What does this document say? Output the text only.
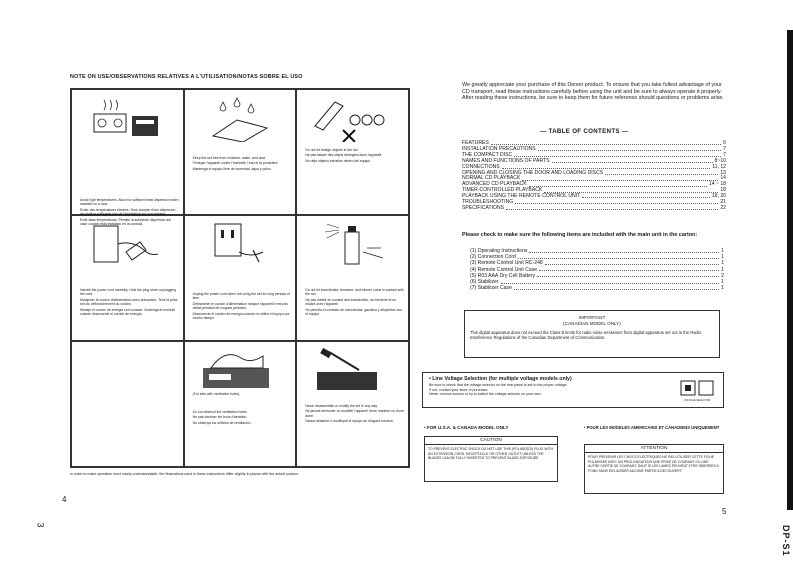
NOTE ON USE/OBSERVATIONS RELATIVES A L'UTILISATION/NOTAS SOBRE EL USO

Avoid high temperatures. Allow for sufficient heat dispersion when installed on a rack.

Eviter des températures élevées. Tenir compte d'une dispersion de chaleur suffisante lors de l'installation sur une étagère.

Evite altas temperaturas. Permite la suficiente dispersión del calor cuando está instalado en la consola.

Keep the set free from moisture, water, and dust.

Protéger l'appareil contre l'humidité, l'eau et la poussière.

Mantenga el equipo libre de humedad, agua y polvo.

Do not let foreign objects in the set.

Ne pas laisser des objets étrangers dans l'appareil.

No deje objetos extraños dentro del equipo.

Handle the power cord carefully. Hold the plug when unplugging the cord.

Manipuler le cordon d'alimentation avec précaution. Tenir la prise lors du débranchement du cordon.

Maneje el cordón de energía con cuidado. Sostenga el enchufe cuando desconecte el cordón de energía.

Unplug the power cord when not using the set for long periods of time.

Débrancher le cordon d'alimentation lorsque l'appareil n'est pas utilisé pendant de longues périodes.

Desconecte el cordón de energía cuando no utilice el equipo por mucho tiempo.

Do not let insecticides, benzene, and thinner come in contact with the set.

Ne pas mettre en contact des insecticides, du benzène et un diluant avec l'appareil.

No permita el contacto de insecticidas, gasolina y diluyentes con el equipo.

(For sets with ventilation holes)

Do not obstruct the ventilation holes.

Ne pas obstruer les trous d'aération.

No obstruya los orificios de ventilación.

Never disassemble or modify the set in any way.

Ne jamais démonter ou modifier l'appareil d'une manière ou d'une autre.

Nunca desarme o modifique el equipo de ninguna manera.

In order to make operation more easily understandable, the illustrations used in these instructions differ slightly in places with the actual product.
4
3
We greatly appreciate your purchase of this Denon product. To ensure that you take fullest advantage of your CD transport, read these instructions carefully before using the unit and be sure to always operate it properly. After reading these instructions, be sure to keep them for future reference should questions or problems arise.
— TABLE OF CONTENTS —
FEATURES	6
INSTALLATION PRECAUTIONS	7
THE COMPACT DISC	7
NAMES AND FUNCTIONS OF PARTS	8~10
CONNECTIONS	11, 12
OPENING AND CLOSING THE DOOR AND LOADING DISCS	13
NORMAL CD PLAYBACK	14
ADVANCED CD PLAYBACK	14 ~ 18
TIMER-CONTROLLED PLAYBACK	18
PLAYBACK USING THE REMOTE CONTROL UNIT	19, 20
TROUBLESHOOTING	21
SPECIFICATIONS	22
Please check to make sure the following items are included with the main unit in the carton:
(1) Operating Instructions	1
(2) Connection Cord	1
(3) Remote Control Unit RC-248	1
(4) Remote Control Unit Case	1
(5) R03 AAA Dry Cell Battery	2
(6) Stabilizer	1
(7) Stabilizer Case	1
IMPORTANT
(CANADIAN MODEL ONLY)
This digital apparatus does not exceed the Class B limits for radio noise emissions from digital apparatus set out in the Radio Interference Regulations of the Canadian Department of Communication.
• Line Voltage Selection (for multiple voltage models only)
Be sure to check that the voltage selector on the rear panel is set to the proper voltage.
If not, contact your store of purchase.
Never remove screws or try to switch the voltage selector on your own.
VOLTAGE SELECTOR
• FOR U.S.A. & CANADA MODEL ONLY
CAUTION
TO PREVENT ELECTRIC SHOCK DO NOT USE THIS (POLARIZED) PLUG WITH AN EXTENSION CORD, RECEPTACLE OR OTHER OUTLET UNLESS THE BLADES CAN BE FULLY INSERTED TO PREVENT BLADE EXPOSURE.
• POUR LES MODELES AMERICAINS ET CANADIENS UNIQUEMENT
ATTENTION
POUR PREVENIR LES CHOCS ELECTRIQUES NE PAS UTILISER CETTE FICHE POLARISEE AVEC UN PROLONGATEUR UNE PRISE DE COURANT OU UNE AUTRE SORTIE DE COURANT, SAUF SI LES LAMES PEUVENT ETRE INSEREES A FOND SANS EN LAISSER AUCUNE PARTIE A DECOUVERT.
5
DP-S1
